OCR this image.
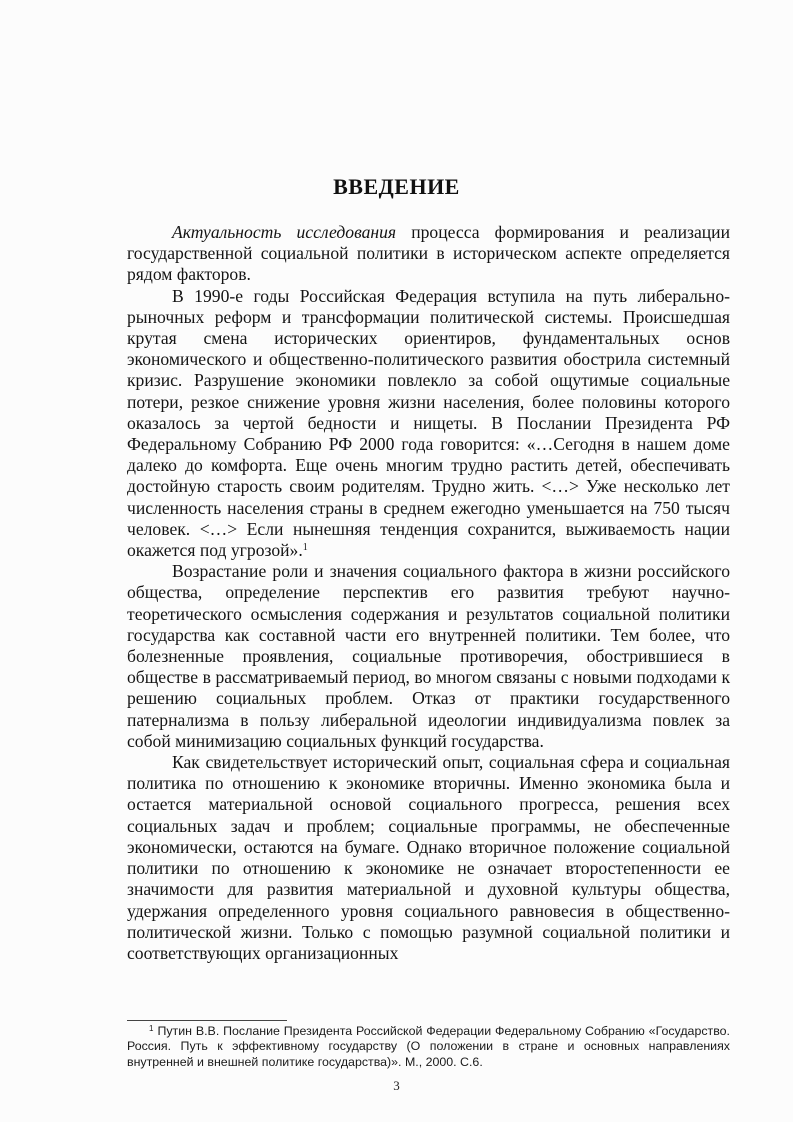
ВВЕДЕНИЕ

Актуальность исследования процесса формирования и реализации государственной социальной политики в историческом аспекте определяется рядом факторов.

В 1990-е годы Российская Федерация вступила на путь либерально-рыночных реформ и трансформации политической системы. Происшедшая крутая смена исторических ориентиров, фундаментальных основ экономического и общественно-политического развития обострила системный кризис. Разрушение экономики повлекло за собой ощутимые социальные потери, резкое снижение уровня жизни населения, более половины которого оказалось за чертой бедности и нищеты. В Послании Президента РФ Федеральному Собранию РФ 2000 года говорится: «…Сегодня в нашем доме далеко до комфорта. Еще очень многим трудно растить детей, обеспечивать достойную старость своим родителям. Трудно жить. <…> Уже несколько лет численность населения страны в среднем ежегодно уменьшается на 750 тысяч человек. <…> Если нынешняя тенденция сохранится, выживаемость нации окажется под угрозой».$^1$

Возрастание роли и значения социального фактора в жизни российского общества, определение перспектив его развития требуют научно-теоретического осмысления содержания и результатов социальной политики государства как составной части его внутренней политики. Тем более, что болезненные проявления, социальные противоречия, обострившиеся в обществе в рассматриваемый период, во многом связаны с новыми подходами к решению социальных проблем. Отказ от практики государственного патернализма в пользу либеральной идеологии индивидуализма повлек за собой минимизацию социальных функций государства.

Как свидетельствует исторический опыт, социальная сфера и социальная политика по отношению к экономике вторичны. Именно экономика была и остается материальной основой социального прогресса, решения всех социальных задач и проблем; социальные программы, не обеспеченные экономически, остаются на бумаге. Однако вторичное положение социальной политики по отношению к экономике не означает второстепенности ее значимости для развития материальной и духовной культуры общества, удержания определенного уровня социального равновесия в общественно-политической жизни. Только с помощью разумной социальной политики и соответствующих организационных

$^1$ Путин В.В. Послание Президента Российской Федерации Федеральному Собранию «Государство. Россия. Путь к эффективному государству (О положении в стране и основных направлениях внутренней и внешней политике государства)». М., 2000. С.6.
3
